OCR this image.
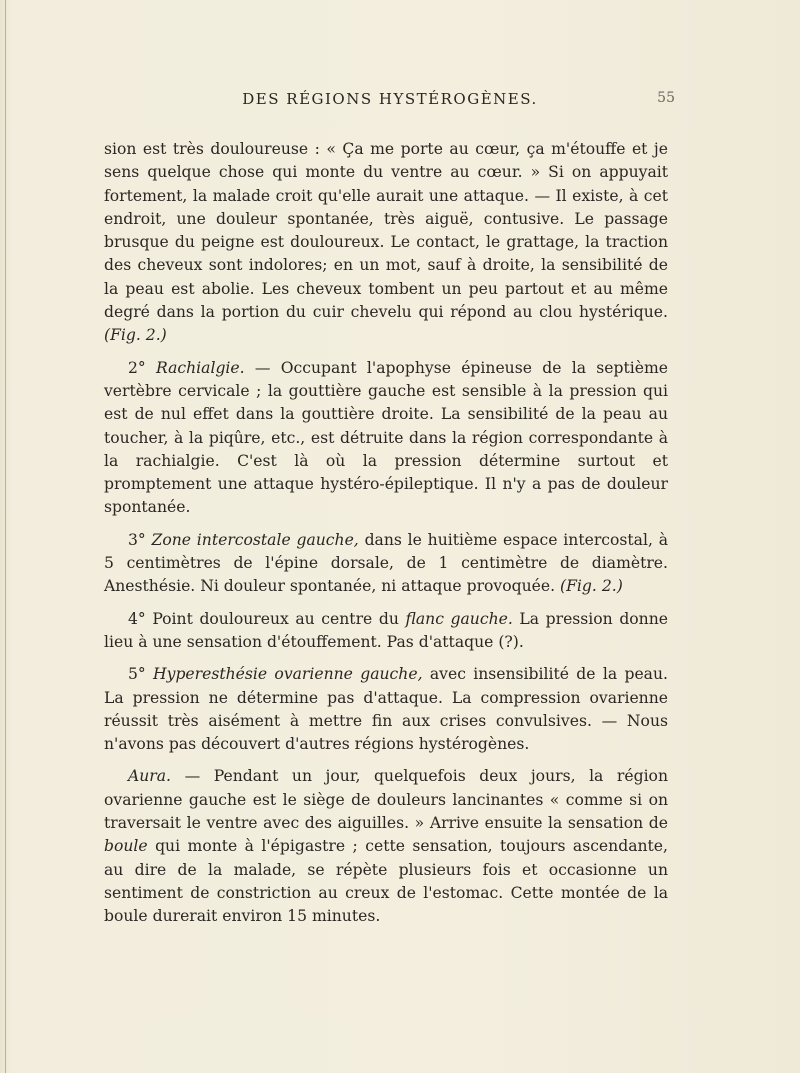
DES RÉGIONS HYSTÉROGÈNES.	55

sion est très douloureuse : « Ça me porte au cœur, ça m'étouffe et je sens quelque chose qui monte du ventre au cœur. » Si on appuyait fortement, la malade croit qu'elle aurait une attaque. — Il existe, à cet endroit, une douleur spontanée, très aiguë, contusive. Le passage brusque du peigne est douloureux. Le contact, le grattage, la traction des cheveux sont indolores; en un mot, sauf à droite, la sensibilité de la peau est abolie. Les cheveux tombent un peu partout et au même degré dans la portion du cuir chevelu qui répond au clou hystérique. (Fig. 2.)

2° Rachialgie. — Occupant l'apophyse épineuse de la septième vertèbre cervicale ; la gouttière gauche est sensible à la pression qui est de nul effet dans la gouttière droite. La sensibilité de la peau au toucher, à la piqûre, etc., est détruite dans la région correspondante à la rachialgie. C'est là où la pression détermine surtout et promptement une attaque hystéro-épileptique. Il n'y a pas de douleur spontanée.

3° Zone intercostale gauche, dans le huitième espace intercostal, à 5 centimètres de l'épine dorsale, de 1 centimètre de diamètre. Anesthésie. Ni douleur spontanée, ni attaque provoquée. (Fig. 2.)

4° Point douloureux au centre du flanc gauche. La pression donne lieu à une sensation d'étouffement. Pas d'attaque (?).

5° Hyperesthésie ovarienne gauche, avec insensibilité de la peau. La pression ne détermine pas d'attaque. La compression ovarienne réussit très aisément à mettre fin aux crises convulsives. — Nous n'avons pas découvert d'autres régions hystérogènes.

Aura. — Pendant un jour, quelquefois deux jours, la région ovarienne gauche est le siège de douleurs lancinantes « comme si on traversait le ventre avec des aiguilles. » Arrive ensuite la sensation de boule qui monte à l'épigastre ; cette sensation, toujours ascendante, au dire de la malade, se répète plusieurs fois et occasionne un sentiment de constriction au creux de l'estomac. Cette montée de la boule durerait environ 15 minutes.
